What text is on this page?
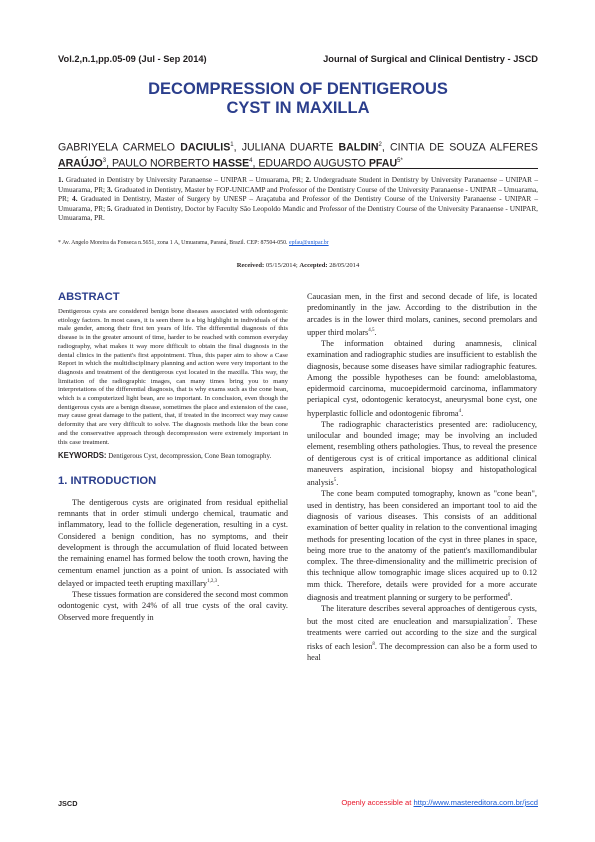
Vol.2,n.1,pp.05-09 (Jul - Sep 2014)	Journal of Surgical and Clinical Dentistry - JSCD
DECOMPRESSION OF DENTIGEROUS
CYST IN MAXILLA
GABRIYELA CARMELO DACIULIS$^1$, JULIANA DUARTE BALDIN$^2$, CINTIA DE SOUZA ALFERES ARAÚJO$^3$, PAULO NORBERTO HASSE$^4$, EDUARDO AUGUSTO $PFAU^{5*}$
1. Graduated in Dentistry by University Paranaense – UNIPAR – Umuarama, PR; 2. Undergraduate Student in Dentistry by University Paranaense – UNIPAR – Umuarama, PR; 3. Graduated in Dentistry, Master by FOP-UNICAMP and Professor of the Dentistry Course of the University Paranaense - UNIPAR – Umuarama, PR; 4. Graduated in Dentistry, Master of Surgery by UNESP – Araçatuba and Professor of the Dentistry Course of the University Paranaense - UNIPAR – Umuarama, PR; 5. Graduated in Dentistry, Doctor by Faculty São Leopoldo Mandic and Professor of the Dentistry Course of the University Paranaense - UNIPAR, Umuarama, PR.
* Av. Angelo Moreira da Fonseca n.5651, zona 1 A, Umuarama, Paraná, Brazil. CEP: 87504-050. epfau@unipar.br
Received: 05/15/2014; Accepted: 28/05/2014
ABSTRACT

Dentigerous cysts are considered benign bone diseases associated with odontogenic etiology factors. In most cases, it is seen there is a big highlight in individuals of the male gender, among their first ten years of life. The differential diagnosis of this disease is in the greater amount of time, harder to be reached with common everyday radiography, what makes it way more difficult to obtain the final diagnosis in the dental clinics in the patient's first appointment. Thus, this paper aim to show a Case Report in which the multidisciplinary planning and action were very important to the diagnosis and treatment of the dentigerous cyst located in the maxilla. This way, the limitation of the radiographic images, can many times bring you to many interpretations of the differential diagnosis, that is why exams such as the cone bean, which is a computerized light bean, are so important. In conclusion, even though the dentigerous cysts are a benign disease, sometimes the place and extension of the case, may cause great damage to the patient, that, if treated in the incorrect way may cause deformity that are very difficult to solve. The diagnosis methods like the bean cone and the conservative approach through decompression were extremely important in this case treatment.

KEYWORDS: Dentigerous Cyst, decompression, Cone Bean tomography.
1. INTRODUCTION

The dentigerous cysts are originated from residual epithelial remnants that in order stimuli undergo chemical, traumatic and inflammatory, lead to the follicle degeneration, resulting in a cyst. Considered a benign condition, has no symptoms, and their development is through the accumulation of fluid located between the remaining enamel has formed below the tooth crown, having the cementum enamel junction as a point of union. Is associated with delayed or impacted teeth erupting maxillary$^{1,2,3}$.

These tissues formation are considered the second most common odontogenic cyst, with 24% of all true cysts of the oral cavity. Observed more frequently in

Caucasian men, in the first and second decade of life, is located predominantly in the jaw. According to the distribution in the arcades is in the lower third molars, canines, second premolars and upper third molars$^{4,5}$.

The information obtained during anamnesis, clinical examination and radiographic studies are insufficient to establish the diagnosis, because some diseases have similar radiographic features. Among the possible hypotheses can be found: ameloblastoma, epidermoid carcinoma, mucoepidermoid carcinoma, inflammatory periapical cyst, odontogenic keratocyst, aneurysmal bone cyst, one hyperplastic follicle and odontogenic fibroma$^4$.

The radiographic characteristics presented are: radiolucency, unilocular and bounded image; may be involving an included element, resembling others pathologies. Thus, to reveal the presence of dentigerous cyst is of critical importance as additional clinical maneuvers aspiration, incisional biopsy and histopathological analysis$^5$.

The cone beam computed tomography, known as "cone bean", used in dentistry, has been considered an important tool to aid the diagnosis of various diseases. This consists of an additional examination of better quality in relation to the conventional imaging methods for presenting location of the cyst in three planes in space, being more true to the anatomy of the patient's maxillomandibular complex. The three-dimensionality and the millimetric precision of this technique allow tomographic image slices acquired up to 0.12 mm thick. Therefore, details were provided for a more accurate diagnosis and treatment planning or surgery to be performed$^6$.

The literature describes several approaches of dentigerous cysts, but the most cited are enucleation and marsupialization$^7$. These treatments were carried out according to the size and the surgical risks of each lesion$^8$. The decompression can also be a form used to heal

JSCD	Openly accessible at http://www.mastereditora.com.br/jscd
